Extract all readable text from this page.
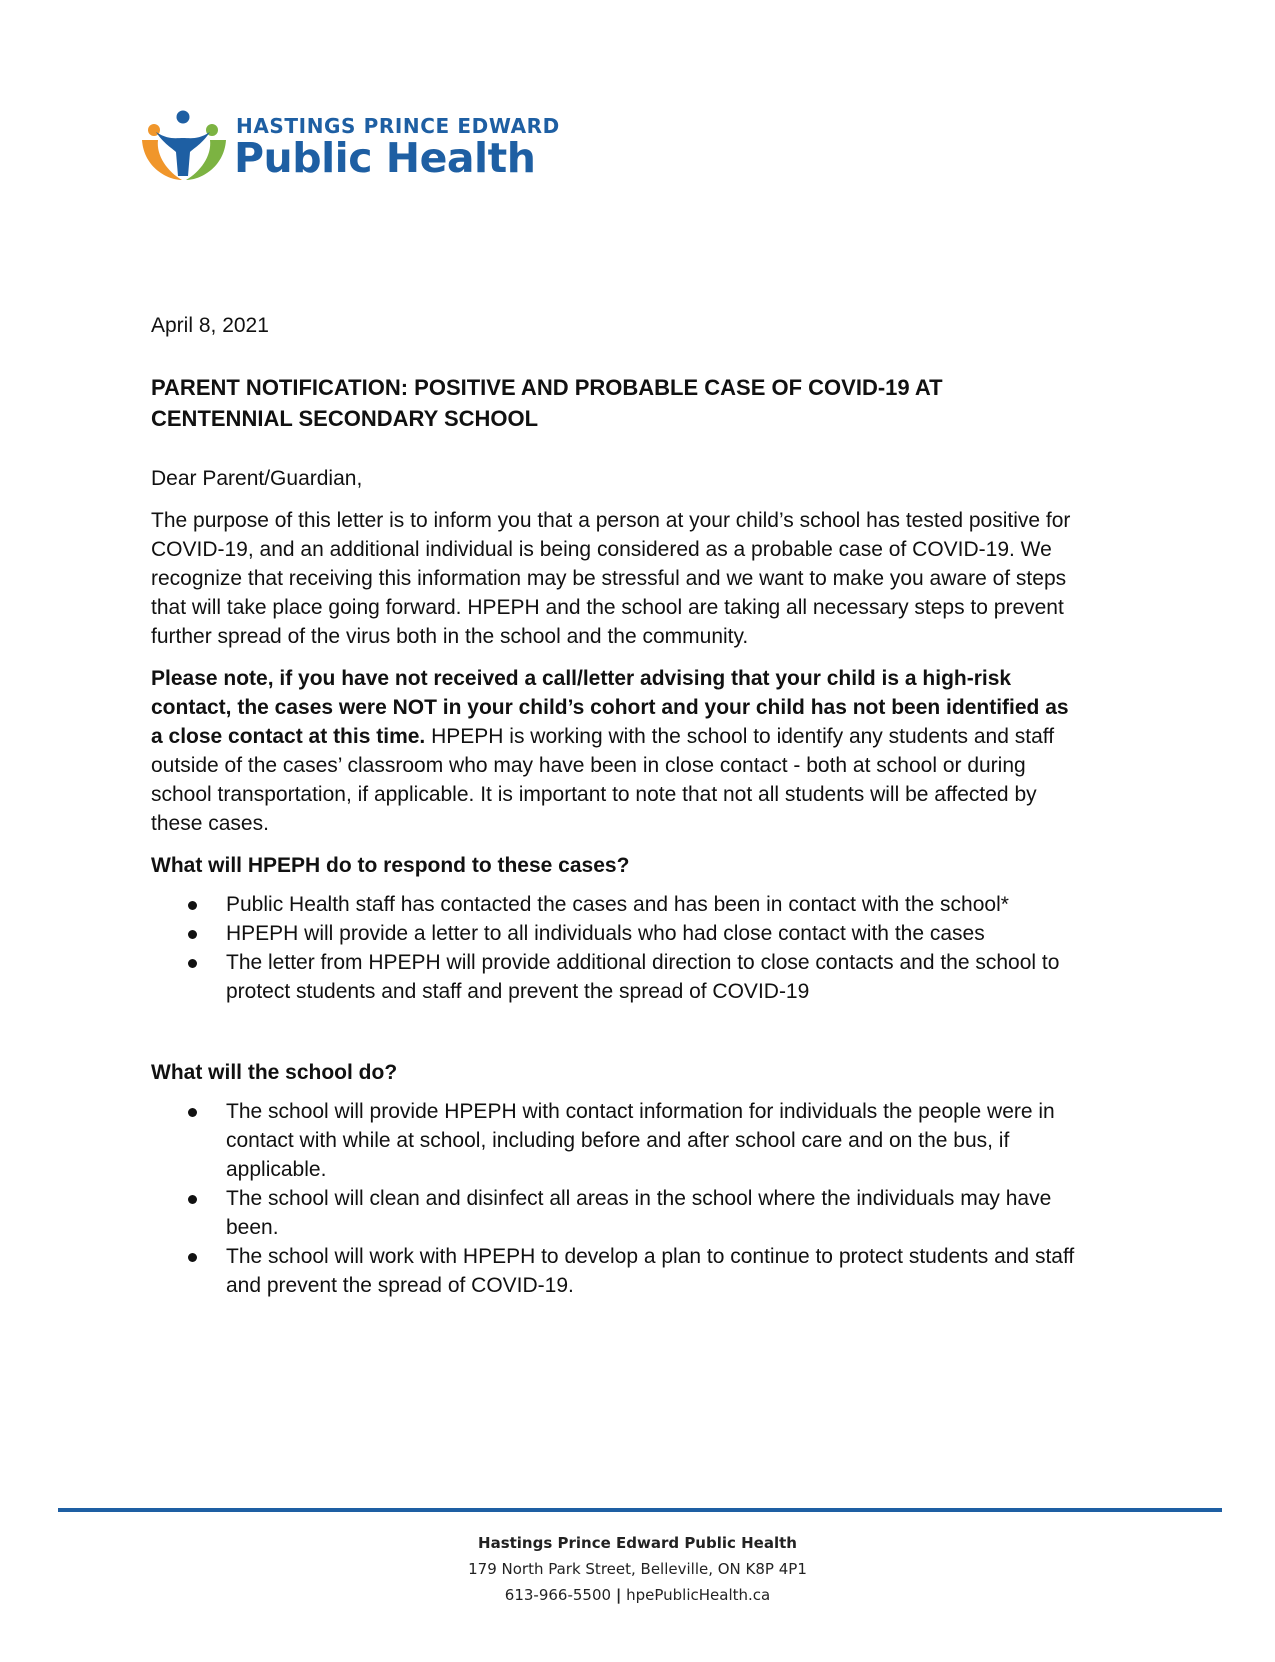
HASTINGS PRINCE EDWARD
Public Health
April 8, 2021
PARENT NOTIFICATION: POSITIVE AND PROBABLE CASE OF COVID-19 AT CENTENNIAL SECONDARY SCHOOL
Dear Parent/Guardian,
The purpose of this letter is to inform you that a person at your child’s school has tested positive for COVID-19, and an additional individual is being considered as a probable case of COVID-19. We recognize that receiving this information may be stressful and we want to make you aware of steps that will take place going forward. HPEPH and the school are taking all necessary steps to prevent further spread of the virus both in the school and the community.
Please note, if you have not received a call/letter advising that your child is a high-risk contact, the cases were NOT in your child’s cohort and your child has not been identified as a close contact at this time. HPEPH is working with the school to identify any students and staff outside of the cases’ classroom who may have been in close contact - both at school or during school transportation, if applicable. It is important to note that not all students will be affected by these cases.
What will HPEPH do to respond to these cases?
Public Health staff has contacted the cases and has been in contact with the school*
HPEPH will provide a letter to all individuals who had close contact with the cases
The letter from HPEPH will provide additional direction to close contacts and the school to protect students and staff and prevent the spread of COVID-19
What will the school do?
The school will provide HPEPH with contact information for individuals the people were in contact with while at school, including before and after school care and on the bus, if applicable.
The school will clean and disinfect all areas in the school where the individuals may have been.
The school will work with HPEPH to develop a plan to continue to protect students and staff and prevent the spread of COVID-19.
Hastings Prince Edward Public Health
179 North Park Street, Belleville, ON K8P 4P1
613-966-5500 | hpePublicHealth.ca
